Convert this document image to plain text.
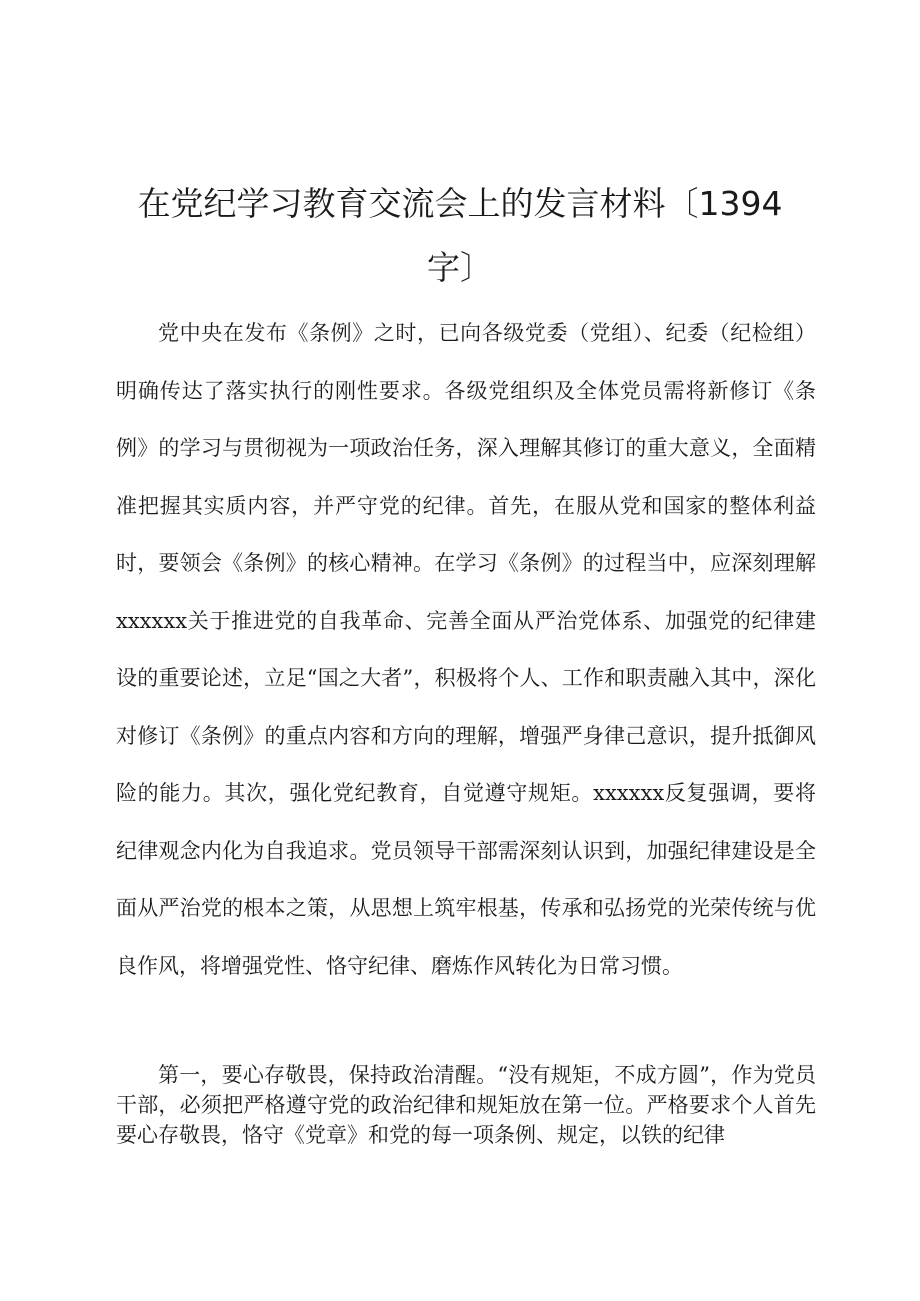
在党纪学习教育交流会上的发言材料〔1394字〕

党中央在发布《条例》之时，已向各级党委（党组）、纪委（纪检组）明确传达了落实执行的刚性要求。各级党组织及全体党员需将新修订《条例》的学习与贯彻视为一项政治任务，深入理解其修订的重大意义，全面精准把握其实质内容，并严守党的纪律。首先，在服从党和国家的整体利益时，要领会《条例》的核心精神。在学习《条例》的过程当中，应深刻理解xxxxxx关于推进党的自我革命、完善全面从严治党体系、加强党的纪律建设的重要论述，立足“国之大者”，积极将个人、工作和职责融入其中，深化对修订《条例》的重点内容和方向的理解，增强严身律己意识，提升抵御风险的能力。其次，强化党纪教育，自觉遵守规矩。xxxxxx反复强调，要将纪律观念内化为自我追求。党员领导干部需深刻认识到，加强纪律建设是全面从严治党的根本之策，从思想上筑牢根基，传承和弘扬党的光荣传统与优良作风，将增强党性、恪守纪律、磨炼作风转化为日常习惯。

第一，要心存敬畏，保持政治清醒。“没有规矩，不成方圆”，作为党员干部，必须把严格遵守党的政治纪律和规矩放在第一位。严格要求个人首先要心存敬畏，恪守《党章》和党的每一项条例、规定，以铁的纪律
